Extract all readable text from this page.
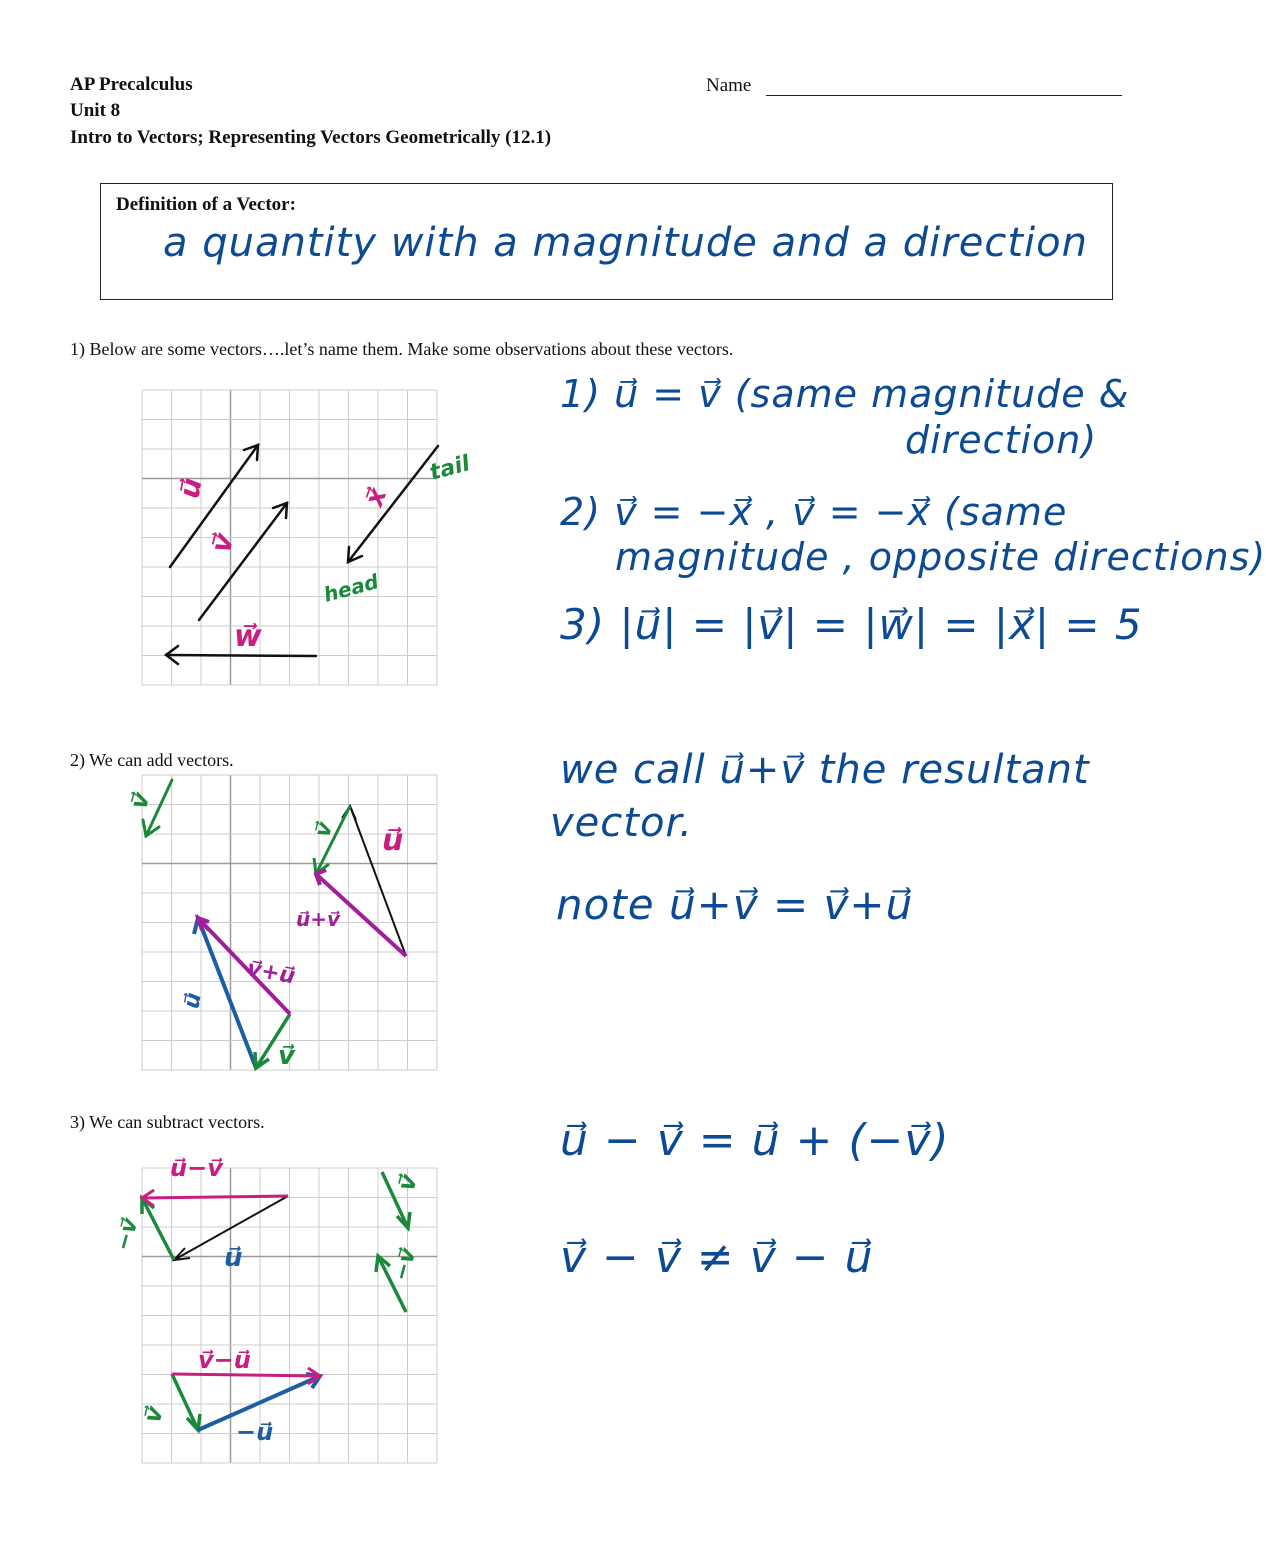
AP Precalculus
Unit 8
Intro to Vectors; Representing Vectors Geometrically (12.1)
Name
Definition of a Vector:
a quantity with a magnitude and a direction
1) Below are some vectors….let’s name them. Make some observations about these vectors.
u⃗
v⃗
x⃗
w⃗
tail
head
1) u⃗ = v⃗ (same magnitude &
direction)
2) v⃗ = −x⃗ , v⃗ = −x⃗ (same
magnitude , opposite directions)
3) |u⃗| = |v⃗| = |w⃗| = |x⃗| = 5
2) We can add vectors.
v⃗
v⃗ u⃗
u⃗+v⃗
v⃗+u⃗
u⃗
v⃗
we call u⃗+v⃗ the resultant
vector.
note u⃗+v⃗ = v⃗+u⃗
3) We can subtract vectors.
u⃗−v⃗
−v⃗
u⃗
v⃗
−v⃗
v⃗−u⃗
v⃗
−u⃗
u⃗ − v⃗ = u⃗ + (−v⃗)
v⃗ − v⃗ ≠ v⃗ − u⃗
